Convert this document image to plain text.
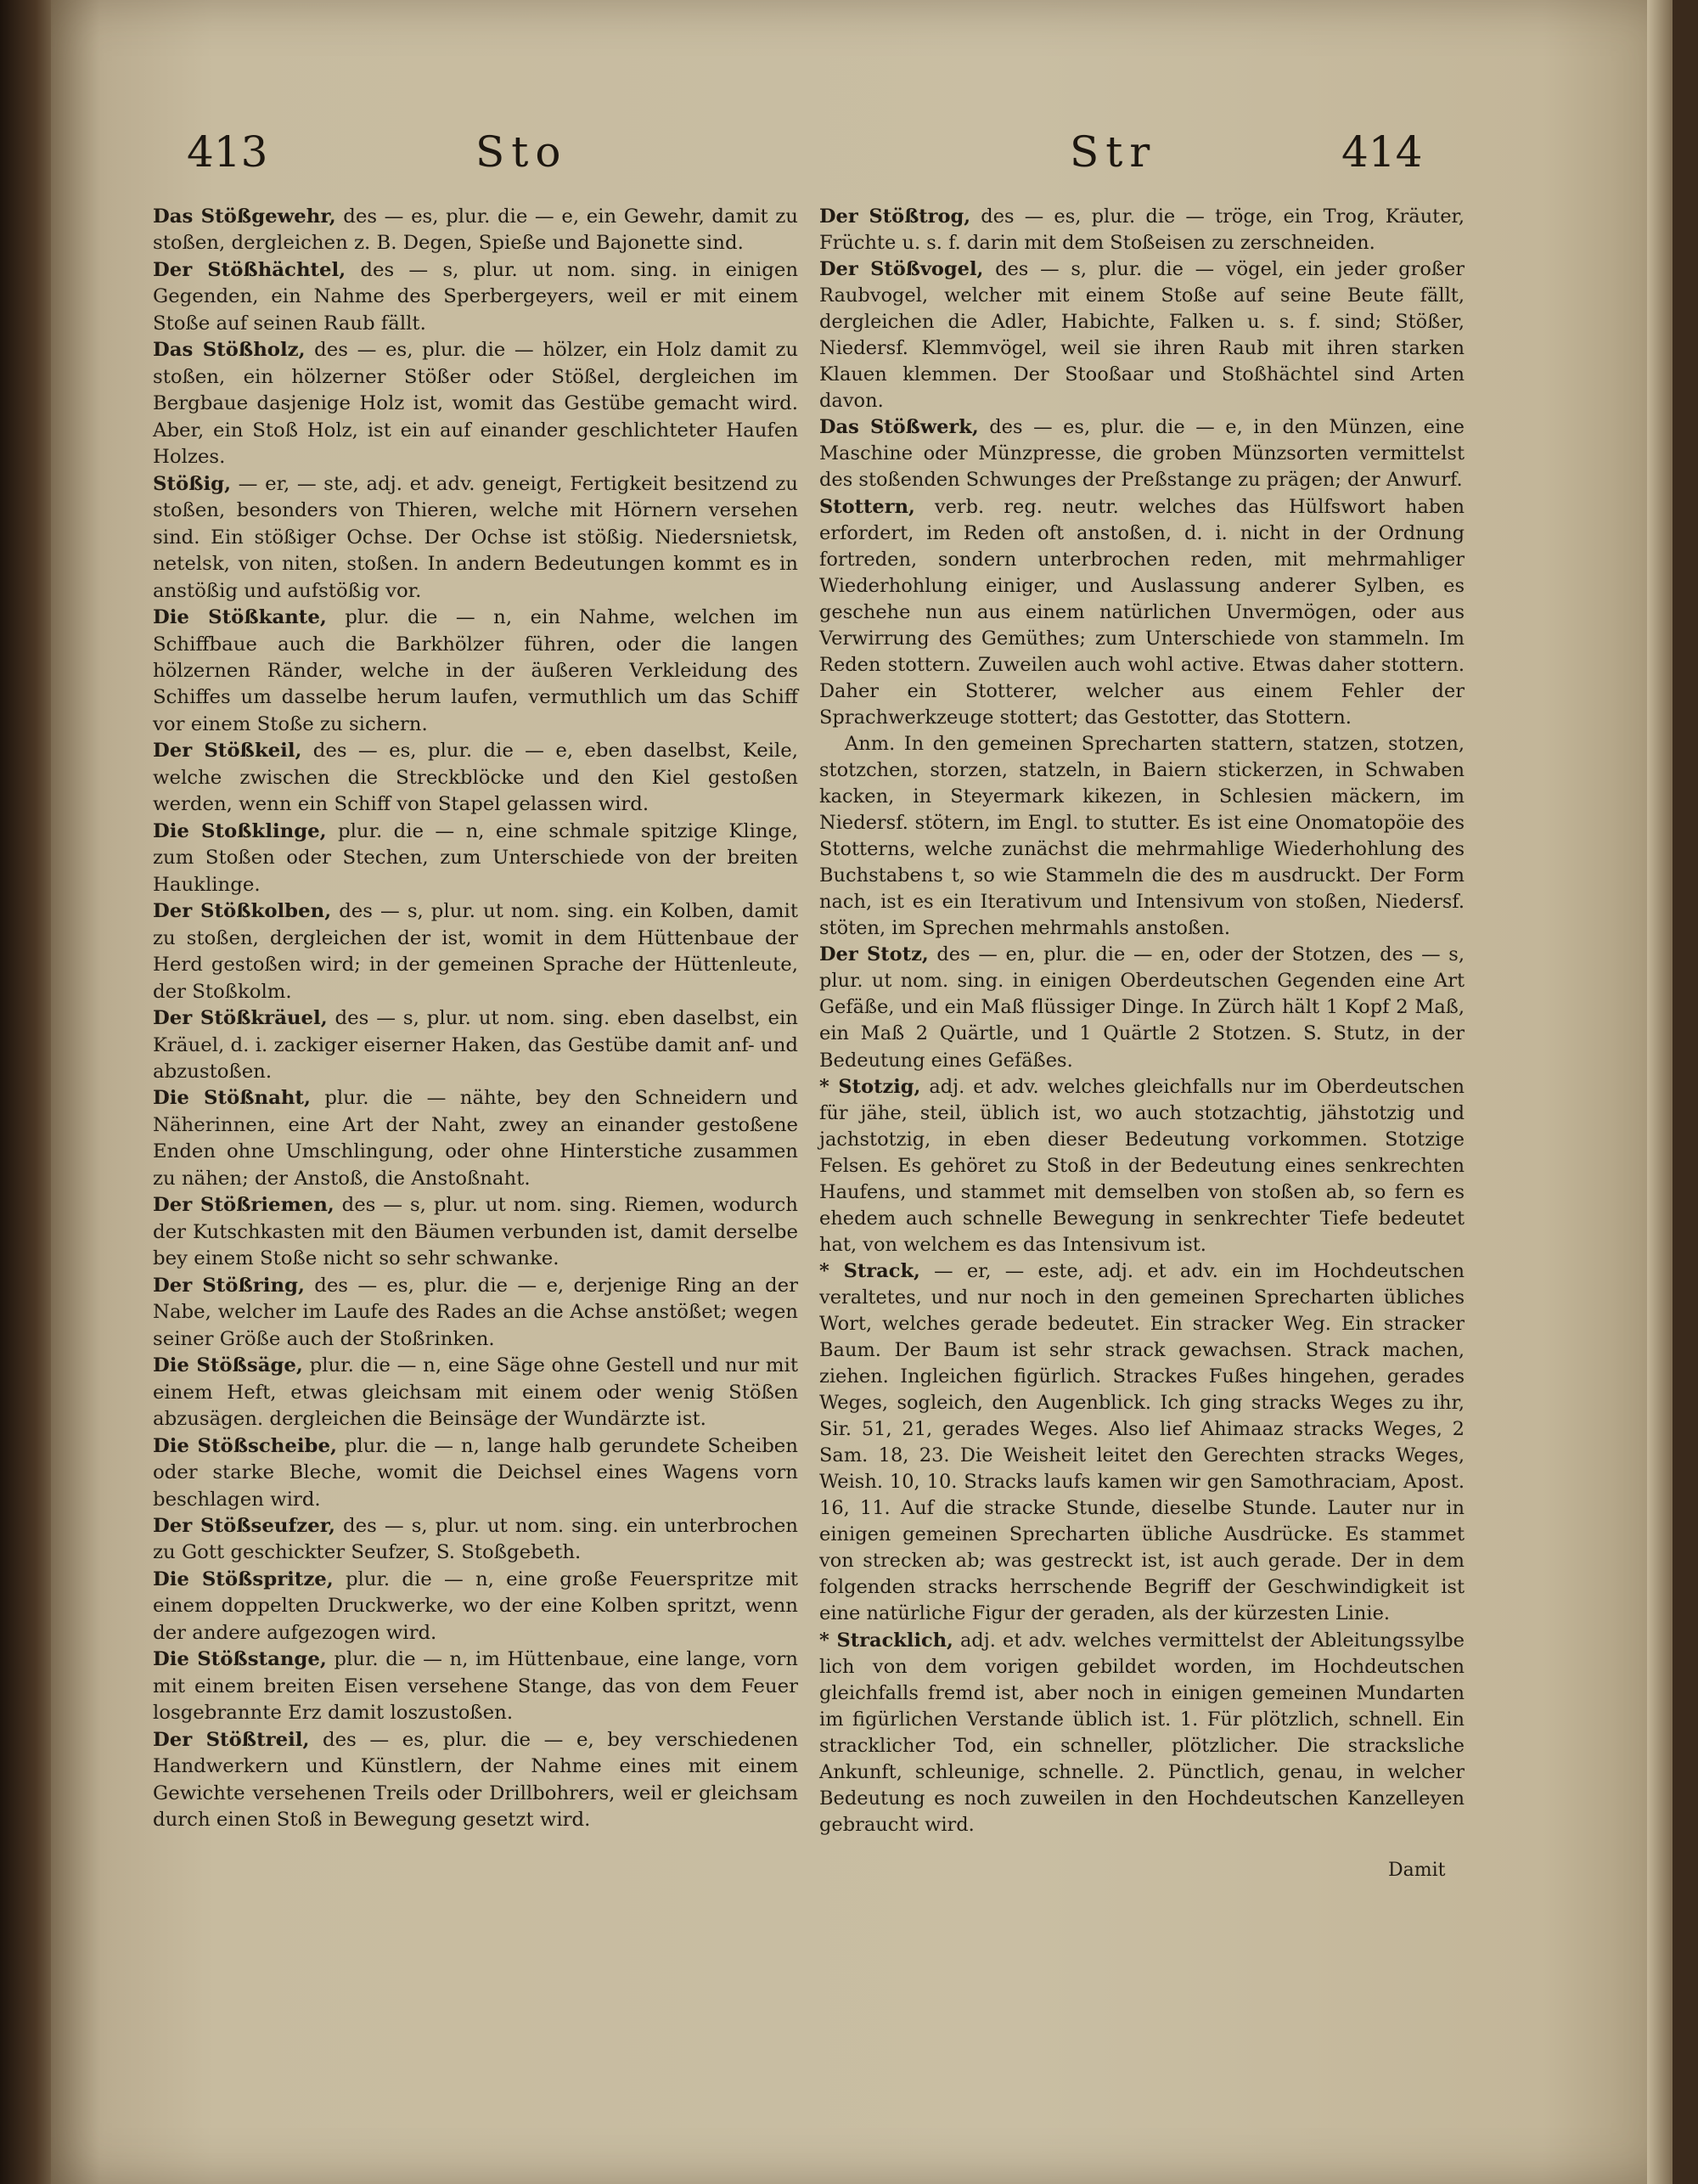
413	Sto	Str	414

Das Stößgewehr, des — es, plur. die — e, ein Gewehr, damit zu stoßen, dergleichen z. B. Degen, Spieße und Bajonette sind.

Der Stößhächtel, des — s, plur. ut nom. sing. in einigen Gegenden, ein Nahme des Sperbergeyers, weil er mit einem Stoße auf seinen Raub fällt.

Das Stößholz, des — es, plur. die — hölzer, ein Holz damit zu stoßen, ein hölzerner Stößer oder Stößel, dergleichen im Bergbaue dasjenige Holz ist, womit das Gestübe gemacht wird. Aber, ein Stoß Holz, ist ein auf einander geschlichteter Haufen Holzes.

Stößig, — er, — ste, adj. et adv. geneigt, Fertigkeit besitzend zu stoßen, besonders von Thieren, welche mit Hörnern versehen sind. Ein stößiger Ochse. Der Ochse ist stößig. Niedersnietsk, netelsk, von niten, stoßen. In andern Bedeutungen kommt es in anstößig und aufstößig vor.

Die Stößkante, plur. die — n, ein Nahme, welchen im Schiffbaue auch die Barkhölzer führen, oder die langen hölzernen Ränder, welche in der äußeren Verkleidung des Schiffes um dasselbe herum laufen, vermuthlich um das Schiff vor einem Stoße zu sichern.

Der Stößkeil, des — es, plur. die — e, eben daselbst, Keile, welche zwischen die Streckblöcke und den Kiel gestoßen werden, wenn ein Schiff von Stapel gelassen wird.

Die Stoßklinge, plur. die — n, eine schmale spitzige Klinge, zum Stoßen oder Stechen, zum Unterschiede von der breiten Hauklinge.

Der Stößkolben, des — s, plur. ut nom. sing. ein Kolben, damit zu stoßen, dergleichen der ist, womit in dem Hüttenbaue der Herd gestoßen wird; in der gemeinen Sprache der Hüttenleute, der Stoßkolm.

Der Stößkräuel, des — s, plur. ut nom. sing. eben daselbst, ein Kräuel, d. i. zackiger eiserner Haken, das Gestübe damit anf- und abzustoßen.

Die Stößnaht, plur. die — nähte, bey den Schneidern und Näherinnen, eine Art der Naht, zwey an einander gestoßene Enden ohne Umschlingung, oder ohne Hinterstiche zusammen zu nähen; der Anstoß, die Anstoßnaht.

Der Stößriemen, des — s, plur. ut nom. sing. Riemen, wodurch der Kutschkasten mit den Bäumen verbunden ist, damit derselbe bey einem Stoße nicht so sehr schwanke.

Der Stößring, des — es, plur. die — e, derjenige Ring an der Nabe, welcher im Laufe des Rades an die Achse anstößet; wegen seiner Größe auch der Stoßrinken.

Die Stößsäge, plur. die — n, eine Säge ohne Gestell und nur mit einem Heft, etwas gleichsam mit einem oder wenig Stößen abzusägen. dergleichen die Beinsäge der Wundärzte ist.

Die Stößscheibe, plur. die — n, lange halb gerundete Scheiben oder starke Bleche, womit die Deichsel eines Wagens vorn beschlagen wird.

Der Stößseufzer, des — s, plur. ut nom. sing. ein unterbrochen zu Gott geschickter Seufzer, S. Stoßgebeth.

Die Stößspritze, plur. die — n, eine große Feuerspritze mit einem doppelten Druckwerke, wo der eine Kolben spritzt, wenn der andere aufgezogen wird.

Die Stößstange, plur. die — n, im Hüttenbaue, eine lange, vorn mit einem breiten Eisen versehene Stange, das von dem Feuer losgebrannte Erz damit loszustoßen.

Der Stößtreil, des — es, plur. die — e, bey verschiedenen Handwerkern und Künstlern, der Nahme eines mit einem Gewichte versehenen Treils oder Drillbohrers, weil er gleichsam durch einen Stoß in Bewegung gesetzt wird.

Der Stößtrog, des — es, plur. die — tröge, ein Trog, Kräuter, Früchte u. s. f. darin mit dem Stoßeisen zu zerschneiden.

Der Stößvogel, des — s, plur. die — vögel, ein jeder großer Raubvogel, welcher mit einem Stoße auf seine Beute fällt, dergleichen die Adler, Habichte, Falken u. s. f. sind; Stößer, Niedersf. Klemmvögel, weil sie ihren Raub mit ihren starken Klauen klemmen. Der Stooßaar und Stoßhächtel sind Arten davon.

Das Stößwerk, des — es, plur. die — e, in den Münzen, eine Maschine oder Münzpresse, die groben Münzsorten vermittelst des stoßenden Schwunges der Preßstange zu prägen; der Anwurf.

Stottern, verb. reg. neutr. welches das Hülfswort haben erfordert, im Reden oft anstoßen, d. i. nicht in der Ordnung fortreden, sondern unterbrochen reden, mit mehrmahliger Wiederhohlung einiger, und Auslassung anderer Sylben, es geschehe nun aus einem natürlichen Unvermögen, oder aus Verwirrung des Gemüthes; zum Unterschiede von stammeln. Im Reden stottern. Zuweilen auch wohl active. Etwas daher stottern. Daher ein Stotterer, welcher aus einem Fehler der Sprachwerkzeuge stottert; das Gestotter, das Stottern.

Anm. In den gemeinen Sprecharten stattern, statzen, stotzen, stotzchen, storzen, statzeln, in Baiern stickerzen, in Schwaben kacken, in Steyermark kikezen, in Schlesien mäckern, im Niedersf. stötern, im Engl. to stutter. Es ist eine Onomatopöie des Stotterns, welche zunächst die mehrmahlige Wiederhohlung des Buchstabens t, so wie Stammeln die des m ausdruckt. Der Form nach, ist es ein Iterativum und Intensivum von stoßen, Niedersf. stöten, im Sprechen mehrmahls anstoßen.

Der Stotz, des — en, plur. die — en, oder der Stotzen, des — s, plur. ut nom. sing. in einigen Oberdeutschen Gegenden eine Art Gefäße, und ein Maß flüssiger Dinge. In Zürch hält 1 Kopf 2 Maß, ein Maß 2 Quärtle, und 1 Quärtle 2 Stotzen. S. Stutz, in der Bedeutung eines Gefäßes.

* Stotzig, adj. et adv. welches gleichfalls nur im Oberdeutschen für jähe, steil, üblich ist, wo auch stotzachtig, jähstotzig und jachstotzig, in eben dieser Bedeutung vorkommen. Stotzige Felsen. Es gehöret zu Stoß in der Bedeutung eines senkrechten Haufens, und stammet mit demselben von stoßen ab, so fern es ehedem auch schnelle Bewegung in senkrechter Tiefe bedeutet hat, von welchem es das Intensivum ist.

* Strack, — er, — este, adj. et adv. ein im Hochdeutschen veraltetes, und nur noch in den gemeinen Sprecharten übliches Wort, welches gerade bedeutet. Ein stracker Weg. Ein stracker Baum. Der Baum ist sehr strack gewachsen. Strack machen, ziehen. Ingleichen figürlich. Strackes Fußes hingehen, gerades Weges, sogleich, den Augenblick. Ich ging stracks Weges zu ihr, Sir. 51, 21, gerades Weges. Also lief Ahimaaz stracks Weges, 2 Sam. 18, 23. Die Weisheit leitet den Gerechten stracks Weges, Weish. 10, 10. Stracks laufs kamen wir gen Samothraciam, Apost. 16, 11. Auf die stracke Stunde, dieselbe Stunde. Lauter nur in einigen gemeinen Sprecharten übliche Ausdrücke. Es stammet von strecken ab; was gestreckt ist, ist auch gerade. Der in dem folgenden stracks herrschende Begriff der Geschwindigkeit ist eine natürliche Figur der geraden, als der kürzesten Linie.

* Stracklich, adj. et adv. welches vermittelst der Ableitungssylbe lich von dem vorigen gebildet worden, im Hochdeutschen gleichfalls fremd ist, aber noch in einigen gemeinen Mundarten im figürlichen Verstande üblich ist. 1. Für plötzlich, schnell. Ein stracklicher Tod, ein schneller, plötzlicher. Die stracksliche Ankunft, schleunige, schnelle. 2. Pünctlich, genau, in welcher Bedeutung es noch zuweilen in den Hochdeutschen Kanzelleyen gebraucht wird.

Damit
